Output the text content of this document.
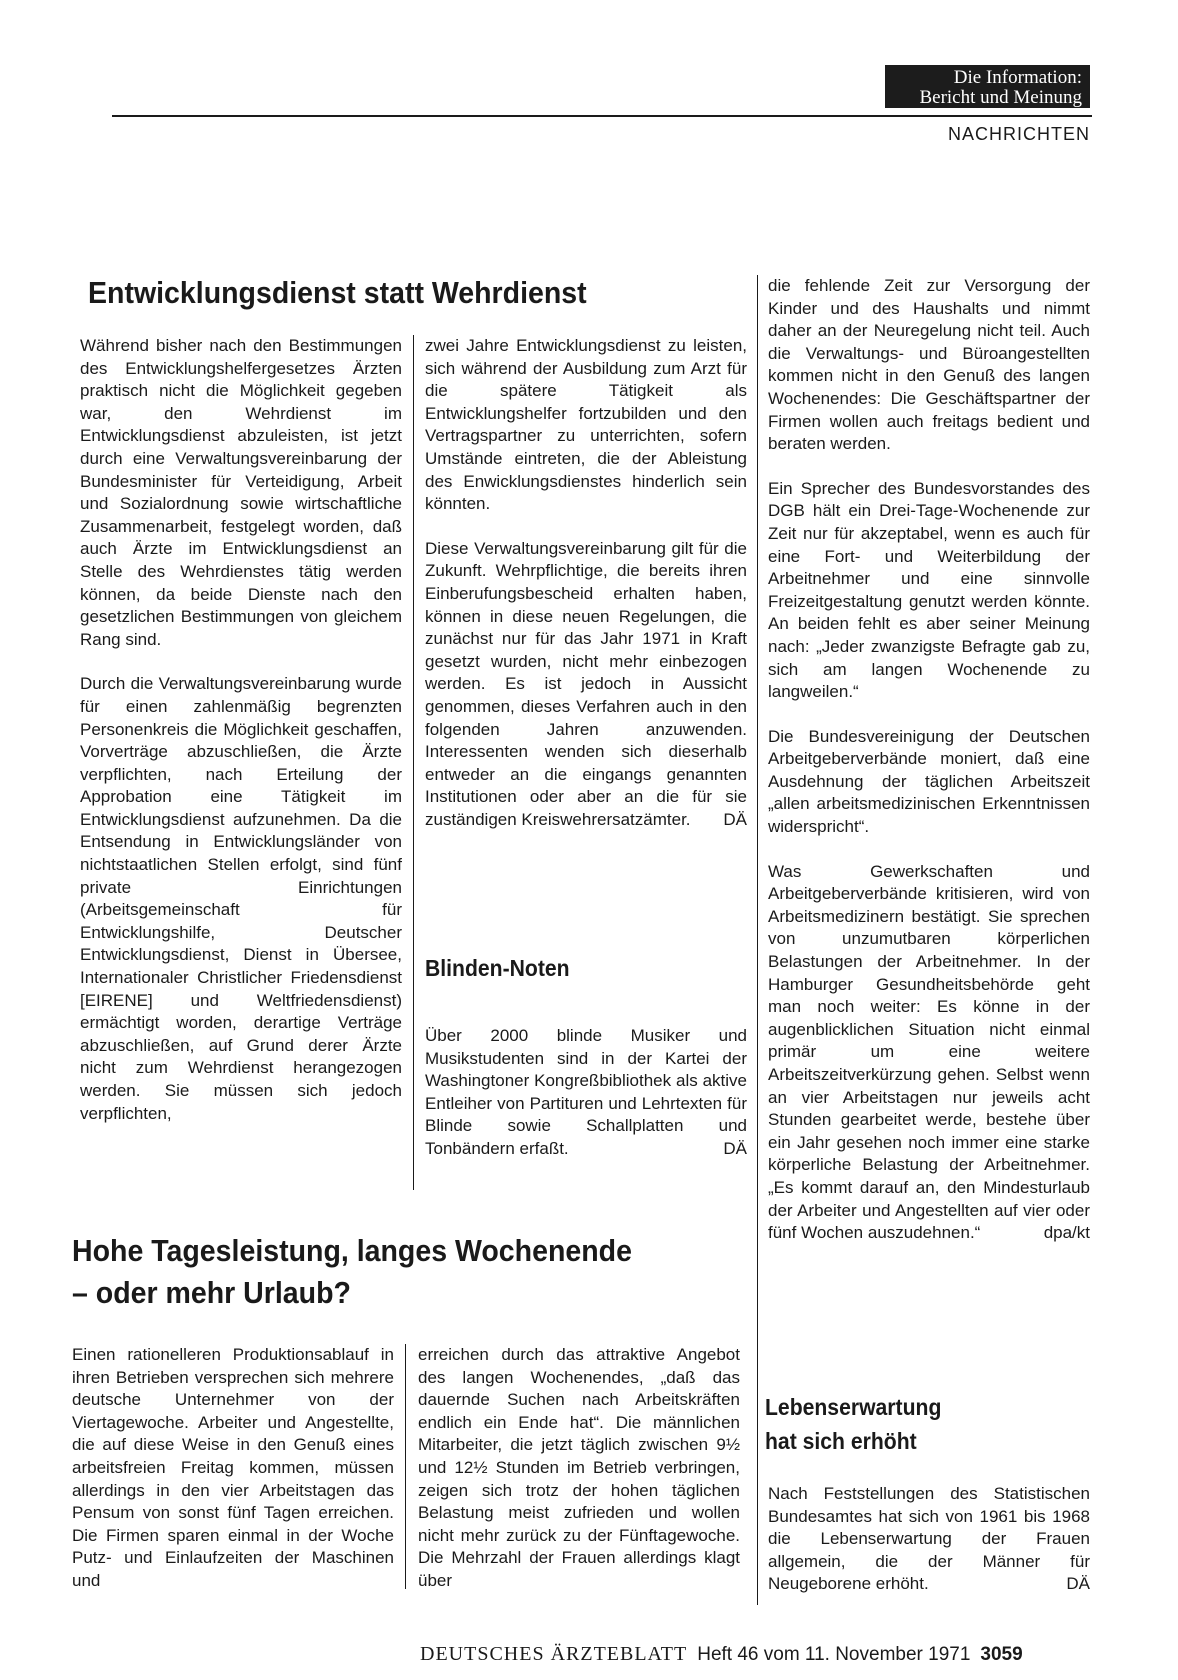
Die Information:
Bericht und Meinung
NACHRICHTEN
Entwicklungsdienst statt Wehrdienst

Während bisher nach den Bestimmungen des Entwicklungshelfergesetzes Ärzten praktisch nicht die Möglichkeit gegeben war, den Wehrdienst im Entwicklungsdienst abzuleisten, ist jetzt durch eine Verwaltungsvereinbarung der Bundesminister für Verteidigung, Arbeit und Sozialordnung sowie wirtschaftliche Zusammenarbeit, festgelegt worden, daß auch Ärzte im Entwicklungsdienst an Stelle des Wehrdienstes tätig werden können, da beide Dienste nach den gesetzlichen Bestimmungen von gleichem Rang sind.

Durch die Verwaltungsvereinbarung wurde für einen zahlenmäßig begrenzten Personenkreis die Möglichkeit geschaffen, Vorverträge abzuschließen, die Ärzte verpflichten, nach Erteilung der Approbation eine Tätigkeit im Entwicklungsdienst aufzunehmen. Da die Entsendung in Entwicklungsländer von nichtstaatlichen Stellen erfolgt, sind fünf private Einrichtungen (Arbeitsgemeinschaft für Entwicklungshilfe, Deutscher Entwicklungsdienst, Dienst in Übersee, Internationaler Christlicher Friedensdienst [EIRENE] und Weltfriedensdienst) ermächtigt worden, derartige Verträge abzuschließen, auf Grund derer Ärzte nicht zum Wehrdienst herangezogen werden. Sie müssen sich jedoch verpflichten,

zwei Jahre Entwicklungsdienst zu leisten, sich während der Ausbildung zum Arzt für die spätere Tätigkeit als Entwicklungshelfer fortzubilden und den Vertragspartner zu unterrichten, sofern Umstände eintreten, die der Ableistung des Enwicklungsdienstes hinderlich sein könnten.

Diese Verwaltungsvereinbarung gilt für die Zukunft. Wehrpflichtige, die bereits ihren Einberufungsbescheid erhalten haben, können in diese neuen Regelungen, die zunächst nur für das Jahr 1971 in Kraft gesetzt wurden, nicht mehr einbezogen werden. Es ist jedoch in Aussicht genommen, dieses Verfahren auch in den folgenden Jahren anzuwenden. Interessenten wenden sich dieserhalb entweder an die eingangs genannten Institutionen oder aber an die für sie zuständigen Kreiswehrersatzämter. DÄ

Blinden-Noten

Über 2000 blinde Musiker und Musikstudenten sind in der Kartei der Washingtoner Kongreßbibliothek als aktive Entleiher von Partituren und Lehrtexten für Blinde sowie Schallplatten und Tonbändern erfaßt.	DÄ

Hohe Tagesleistung, langes Wochenende
– oder mehr Urlaub?

Einen rationelleren Produktionsablauf in ihren Betrieben versprechen sich mehrere deutsche Unternehmer von der Viertagewoche. Arbeiter und Angestellte, die auf diese Weise in den Genuß eines arbeitsfreien Freitag kommen, müssen allerdings in den vier Arbeitstagen das Pensum von sonst fünf Tagen erreichen. Die Firmen sparen einmal in der Woche Putz- und Einlaufzeiten der Maschinen und

erreichen durch das attraktive Angebot des langen Wochenendes, „daß das dauernde Suchen nach Arbeitskräften endlich ein Ende hat“. Die männlichen Mitarbeiter, die jetzt täglich zwischen 9½ und 12½ Stunden im Betrieb verbringen, zeigen sich trotz der hohen täglichen Belastung meist zufrieden und wollen nicht mehr zurück zu der Fünftagewoche. Die Mehrzahl der Frauen allerdings klagt über

die fehlende Zeit zur Versorgung der Kinder und des Haushalts und nimmt daher an der Neuregelung nicht teil. Auch die Verwaltungs- und Büroangestellten kommen nicht in den Genuß des langen Wochenendes: Die Geschäftspartner der Firmen wollen auch freitags bedient und beraten werden.

Ein Sprecher des Bundesvorstandes des DGB hält ein Drei-Tage-Wochenende zur Zeit nur für akzeptabel, wenn es auch für eine Fort- und Weiterbildung der Arbeitnehmer und eine sinnvolle Freizeitgestaltung genutzt werden könnte. An beiden fehlt es aber seiner Meinung nach: „Jeder zwanzigste Befragte gab zu, sich am langen Wochenende zu langweilen.“

Die Bundesvereinigung der Deutschen Arbeitgeberverbände moniert, daß eine Ausdehnung der täglichen Arbeitszeit „allen arbeitsmedizinischen Erkenntnissen widerspricht“.

Was Gewerkschaften und Arbeitgeberverbände kritisieren, wird von Arbeitsmedizinern bestätigt. Sie sprechen von unzumutbaren körperlichen Belastungen der Arbeitnehmer. In der Hamburger Gesundheitsbehörde geht man noch weiter: Es könne in der augenblicklichen Situation nicht einmal primär um eine weitere Arbeitszeitverkürzung gehen. Selbst wenn an vier Arbeitstagen nur jeweils acht Stunden gearbeitet werde, bestehe über ein Jahr gesehen noch immer eine starke körperliche Belastung der Arbeitnehmer. „Es kommt darauf an, den Mindesturlaub der Arbeiter und Angestellten auf vier oder fünf Wochen auszudehnen.“	dpa/kt

Lebenserwartung
hat sich erhöht

Nach Feststellungen des Statistischen Bundesamtes hat sich von 1961 bis 1968 die Lebenserwartung der Frauen allgemein, die der Männer für Neugeborene erhöht.	DÄ

DEUTSCHES ÄRZTEBLATT Heft 46 vom 11. November 1971 3059
